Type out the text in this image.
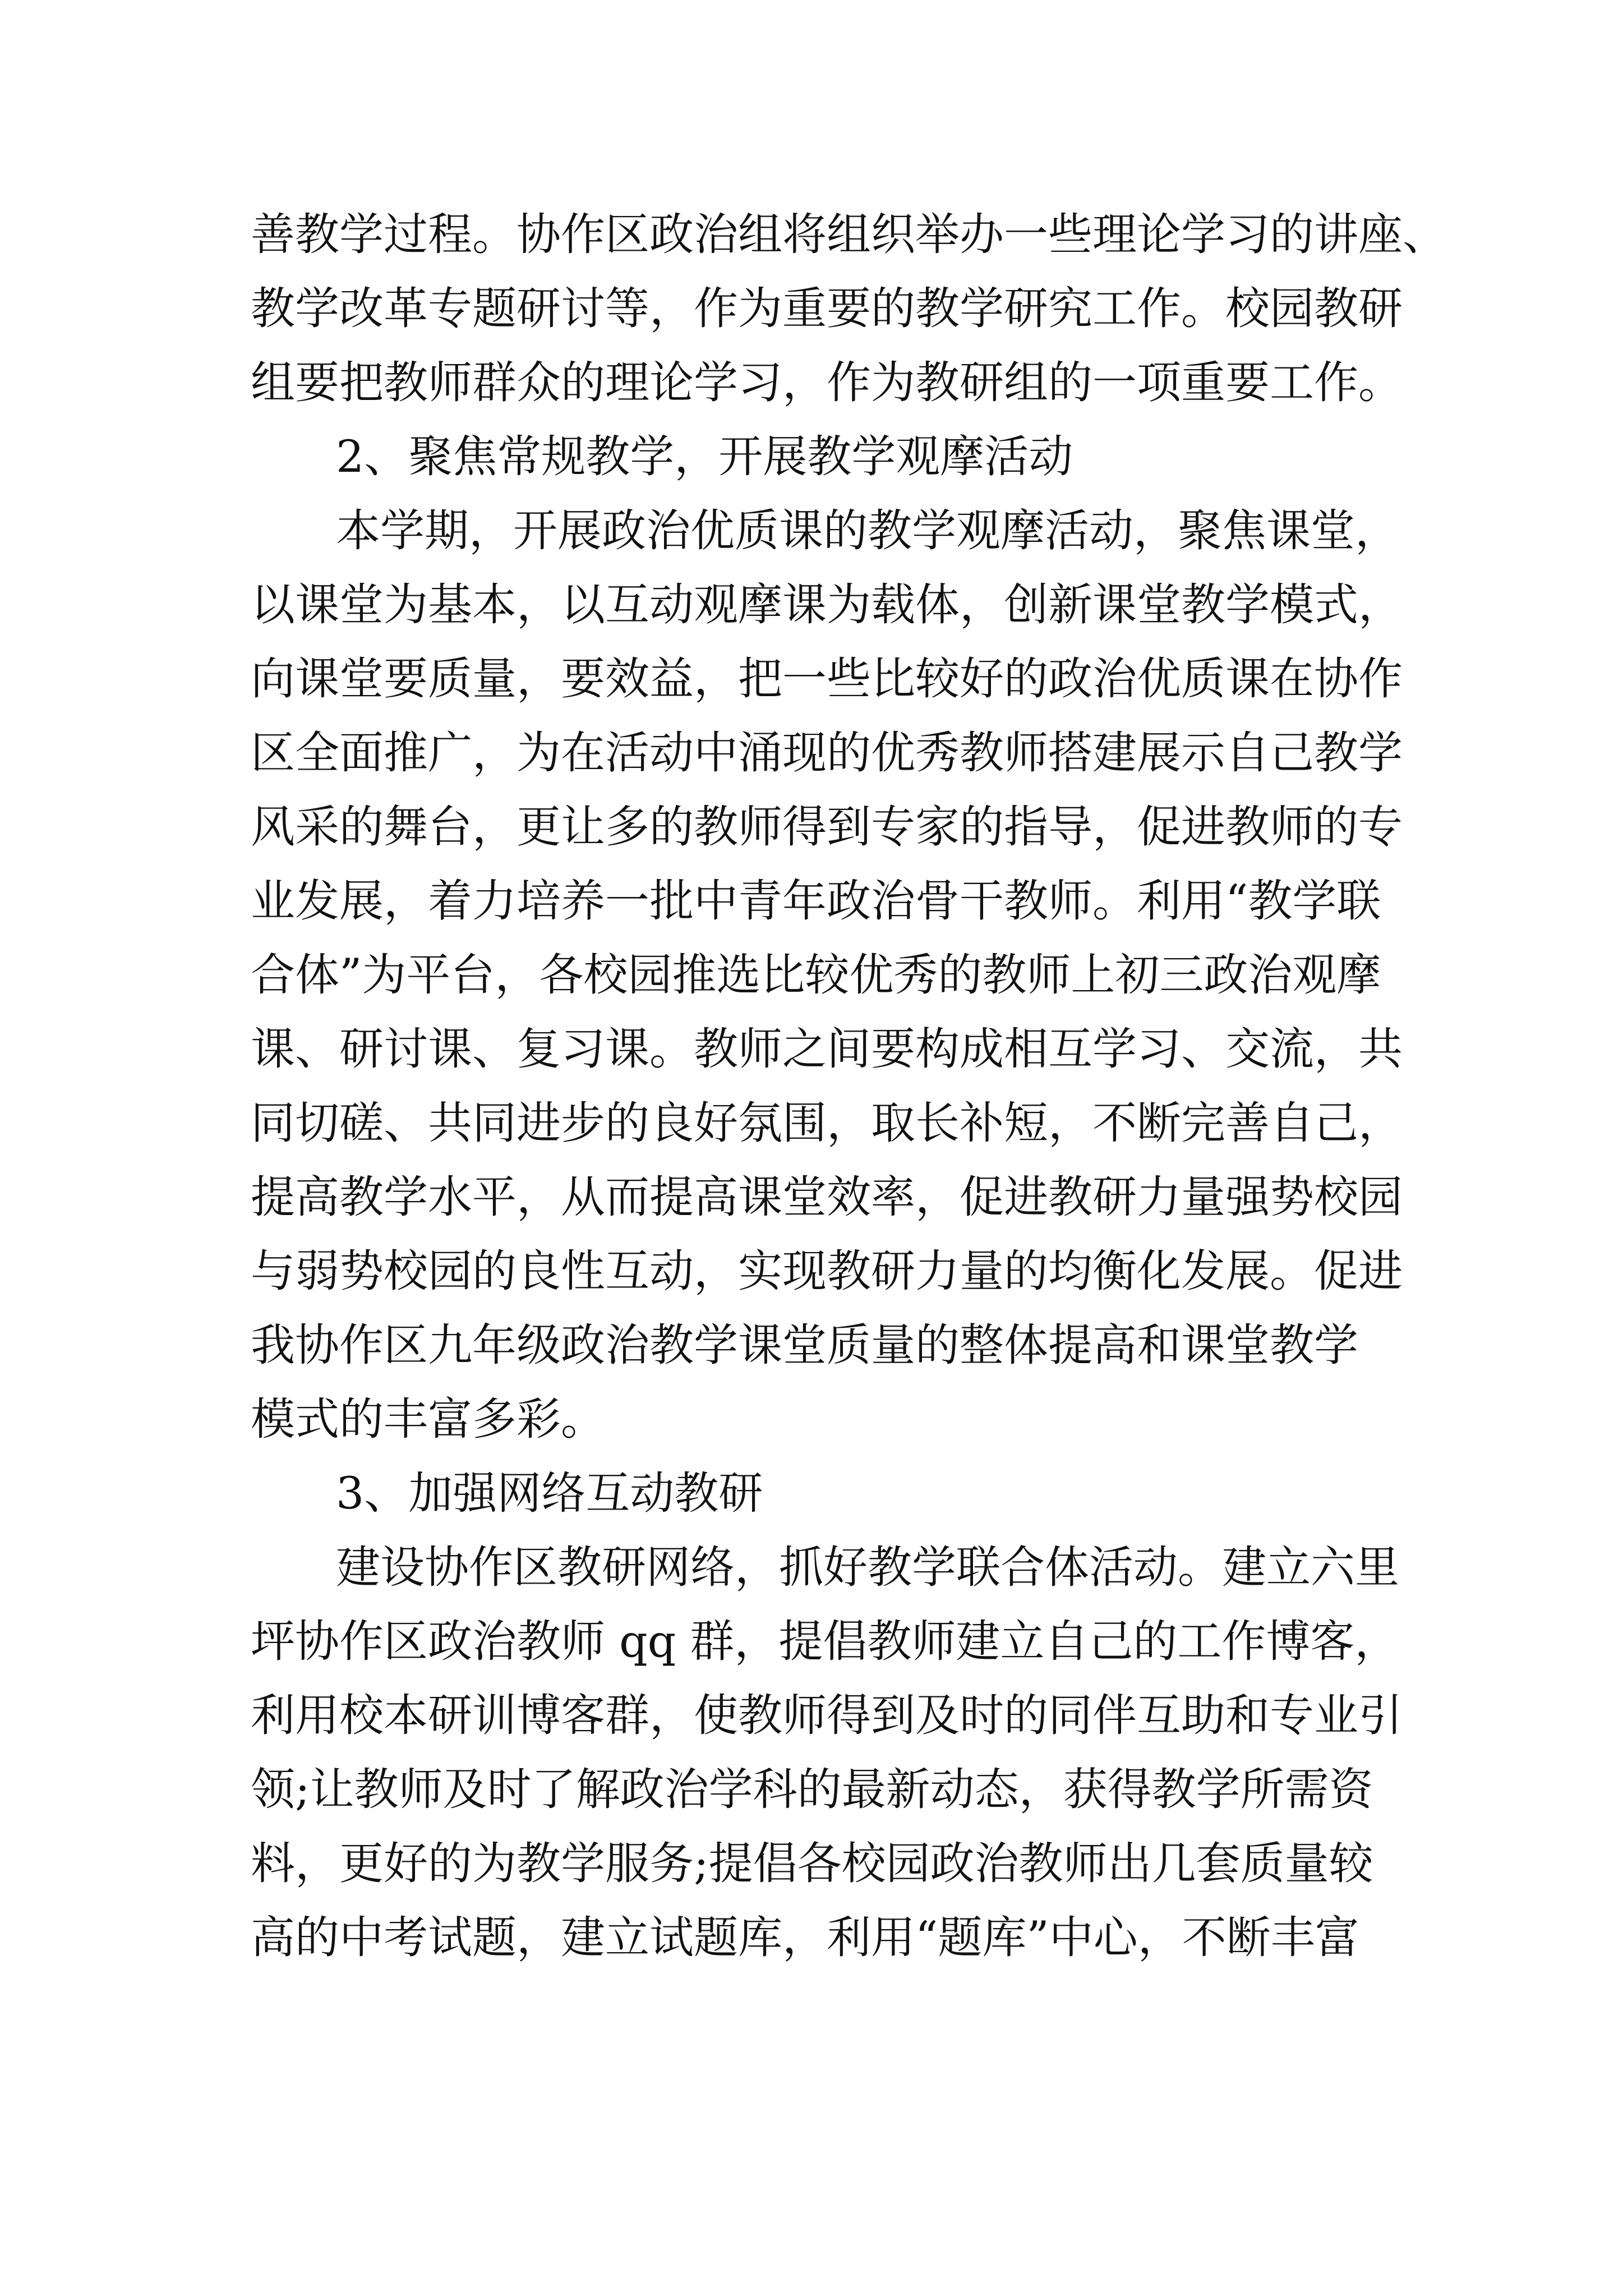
善教学过程。协作区政治组将组织举办一些理论学习的讲座、
教学改革专题研讨等，作为重要的教学研究工作。校园教研
组要把教师群众的理论学习，作为教研组的一项重要工作。
2、聚焦常规教学，开展教学观摩活动
本学期，开展政治优质课的教学观摩活动，聚焦课堂，
以课堂为基本，以互动观摩课为载体，创新课堂教学模式，
向课堂要质量，要效益，把一些比较好的政治优质课在协作
区全面推广，为在活动中涌现的优秀教师搭建展示自己教学
风采的舞台，更让多的教师得到专家的指导，促进教师的专
业发展，着力培养一批中青年政治骨干教师。利用“教学联
合体”为平台，各校园推选比较优秀的教师上初三政治观摩
课、研讨课、复习课。教师之间要构成相互学习、交流，共
同切磋、共同进步的良好氛围，取长补短，不断完善自己，
提高教学水平，从而提高课堂效率，促进教研力量强势校园
与弱势校园的良性互动，实现教研力量的均衡化发展。促进
我协作区九年级政治教学课堂质量的整体提高和课堂教学
模式的丰富多彩。
3、加强网络互动教研
建设协作区教研网络，抓好教学联合体活动。建立六里
坪协作区政治教师 qq 群，提倡教师建立自己的工作博客，
利用校本研训博客群，使教师得到及时的同伴互助和专业引
领;让教师及时了解政治学科的最新动态，获得教学所需资
料，更好的为教学服务;提倡各校园政治教师出几套质量较
高的中考试题，建立试题库，利用“题库”中心，不断丰富
